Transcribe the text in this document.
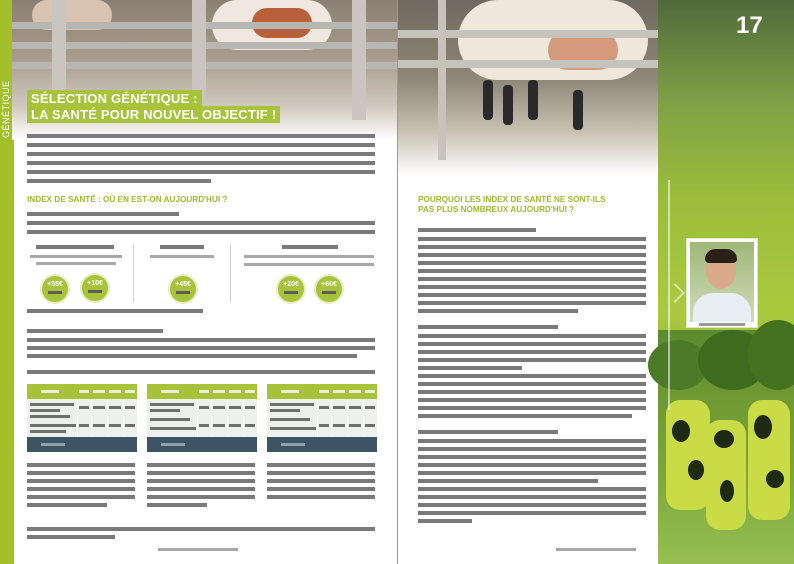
GÉNÉTIQUE
17
SÉLECTION GÉNÉTIQUE :
LA SANTÉ POUR NOUVEL OBJECTIF !
INDEX DE SANTÉ : OÙ EN EST-ON AUJOURD'HUI ?
+55€	+10€	+45€	+20€	+60€
POURQUOI LES INDEX DE SANTÉ NE SONT-ILS
PAS PLUS NOMBREUX AUJOURD'HUI ?
